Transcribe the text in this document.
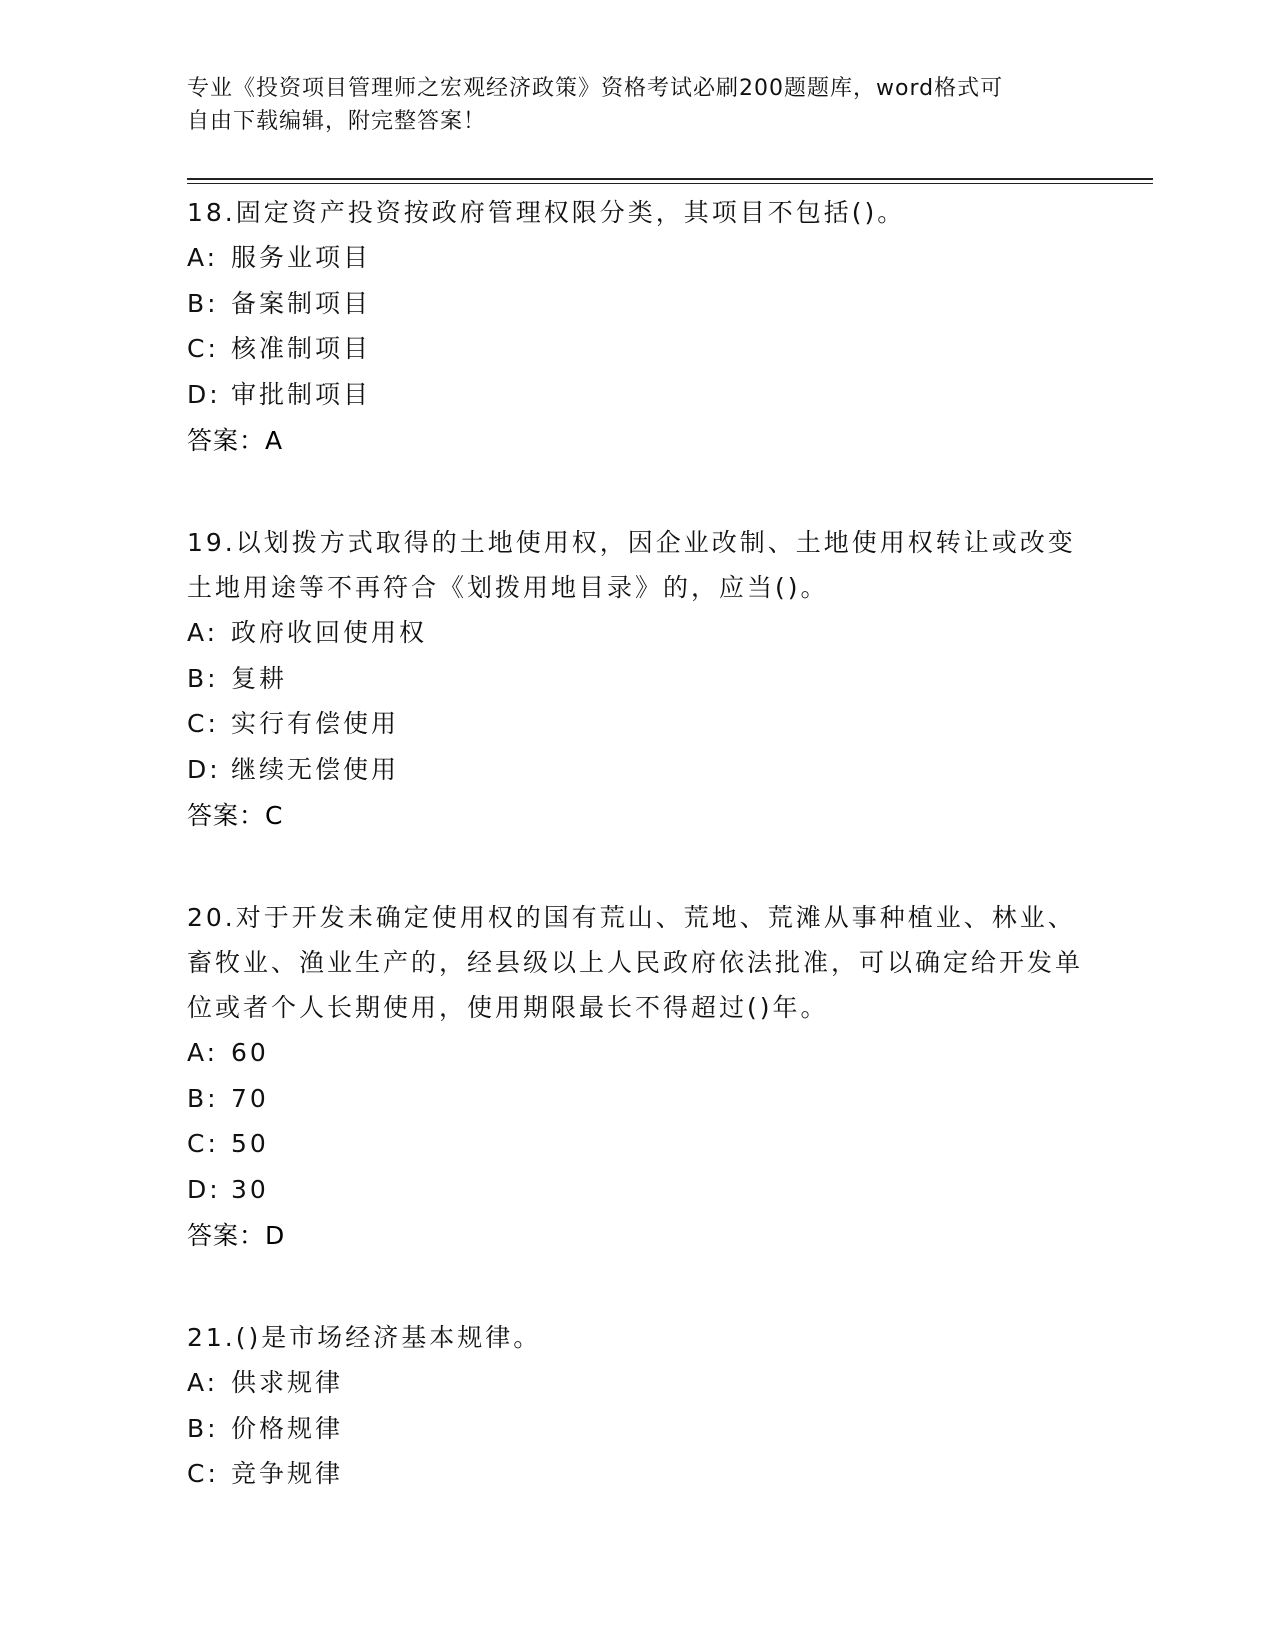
专业《投资项目管理师之宏观经济政策》资格考试必刷200题题库，word格式可
自由下载编辑，附完整答案！
18.固定资产投资按政府管理权限分类，其项目不包括()。
A: 服务业项目
B: 备案制项目
C: 核准制项目
D: 审批制项目
答案：A
19.以划拨方式取得的土地使用权，因企业改制、土地使用权转让或改变土地用途等不再符合《划拨用地目录》的，应当()。
A: 政府收回使用权
B: 复耕
C: 实行有偿使用
D: 继续无偿使用
答案：C
20.对于开发未确定使用权的国有荒山、荒地、荒滩从事种植业、林业、畜牧业、渔业生产的，经县级以上人民政府依法批准，可以确定给开发单位或者个人长期使用，使用期限最长不得超过()年。
A: 60
B: 70
C: 50
D: 30
答案：D
21.()是市场经济基本规律。
A: 供求规律
B: 价格规律
C: 竞争规律
